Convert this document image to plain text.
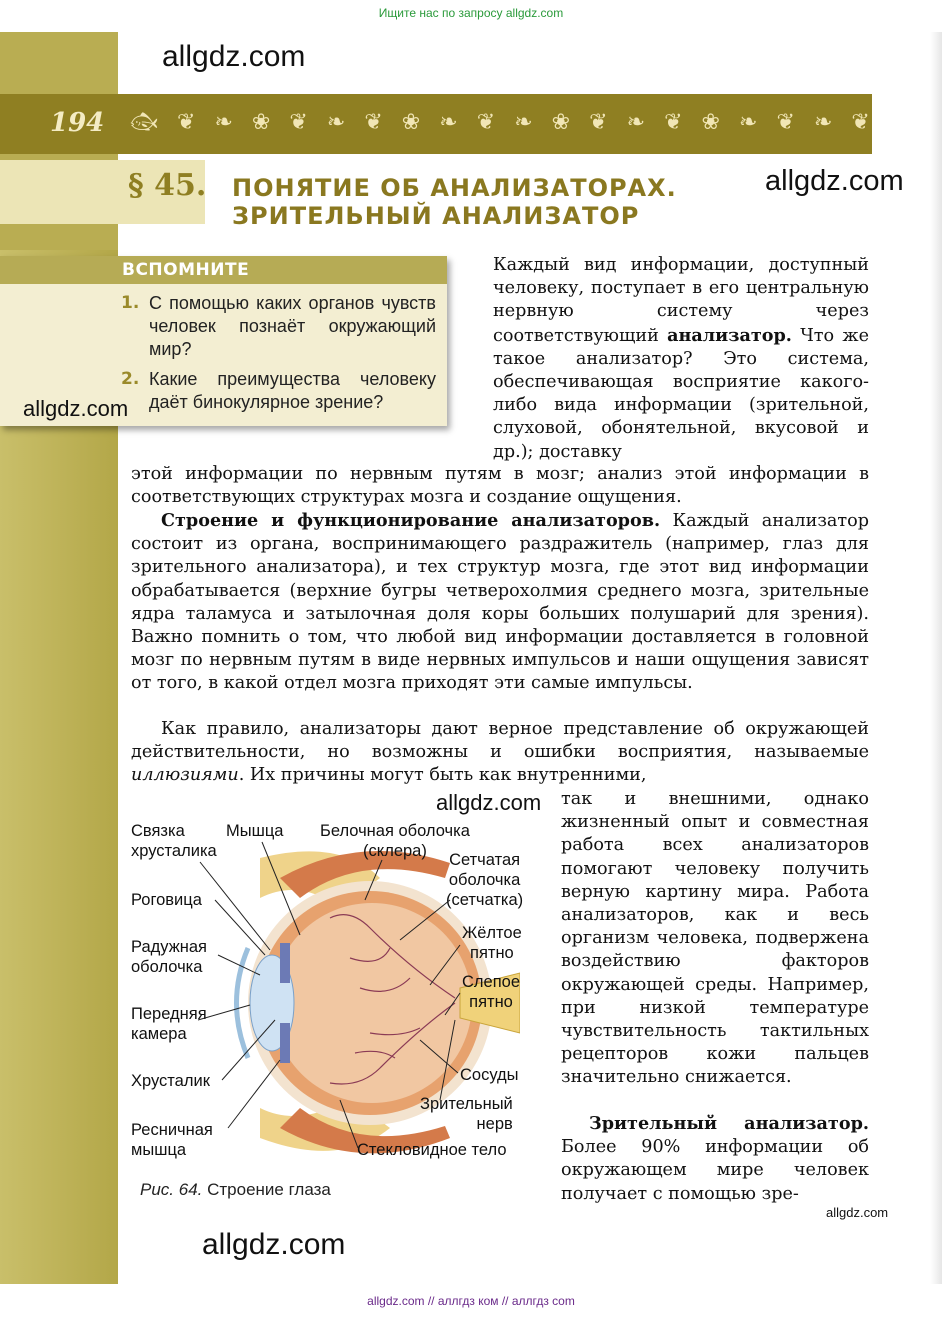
Ищите нас по запросу allgdz.com
allgdz.com
194 🐟︎ ❦ ❧ ❀ ❦ ❧ ❦ ❀ ❧ ❦ ❧ ❀ ❦ ❧ ❦ ❀ ❧ ❦ ❧ ❦
§ 45. ПОНЯТИЕ ОБ АНАЛИЗАТОРАХ.
ЗРИТЕЛЬНЫЙ АНАЛИЗАТОР
allgdz.com
ВСПОМНИТЕ
1. С помощью каких органов чувств человек познаёт окружающий мир?
2. Какие преимущества человеку даёт бинокулярное зрение?
allgdz.com
Каждый вид информации, доступный человеку, поступает в его центральную нервную систему через соответствующий анализатор. Что же такое анализатор? Это система, обеспечивающая восприятие какого-либо вида информации (зрительной, слуховой, обонятельной, вкусовой и др.); доставку
этой информации по нервным путям в мозг; анализ этой информации в соответствующих структурах мозга и создание ощущения.
Строение и функционирование анализаторов. Каждый анализатор состоит из органа, воспринимающего раздражитель (например, глаз для зрительного анализатора), и тех структур мозга, где этот вид информации обрабатывается (верхние бугры четверохолмия среднего мозга, зрительные ядра таламуса и затылочная доля коры больших полушарий для зрения). Важно помнить о том, что любой вид информации доставляется в головной мозг по нервным путям в виде нервных импульсов и наши ощущения зависят от того, в какой отдел мозга приходят эти самые импульсы.
Как правило, анализаторы дают верное представление об окружающей действительности, но возможны и ошибки восприятия, называемые иллюзиями. Их причины могут быть как внутренними,
allgdz.com так и внешними, однако жизненный опыт и совместная работа всех анализаторов помогают человеку получить верную картину мира. Работа анализаторов, как и весь организм человека, подвержена воздействию факторов окружающей среды. Например, при низкой температуре чувствительность тактильных рецепторов кожи пальцев значительно снижается.
Зрительный анализатор. Более 90% информации об окружающем мире человек получает с помощью зре-
allgdz.com
Связка
хрусталика
Мышца Белочная оболочка
(склера)	Сетчатая
оболочка
(сетчатка)
Роговица
Жёлтое
пятно
Радужная
оболочка
Слепое
пятно
Передняя
камера
Хрусталик	Сосуды
Зрительный
нерв
Ресничная
мышца	Стекловидное тело
Рис. 64. Строение глаза
allgdz.com
allgdz.com // аллгдз ком // аллгдз com
